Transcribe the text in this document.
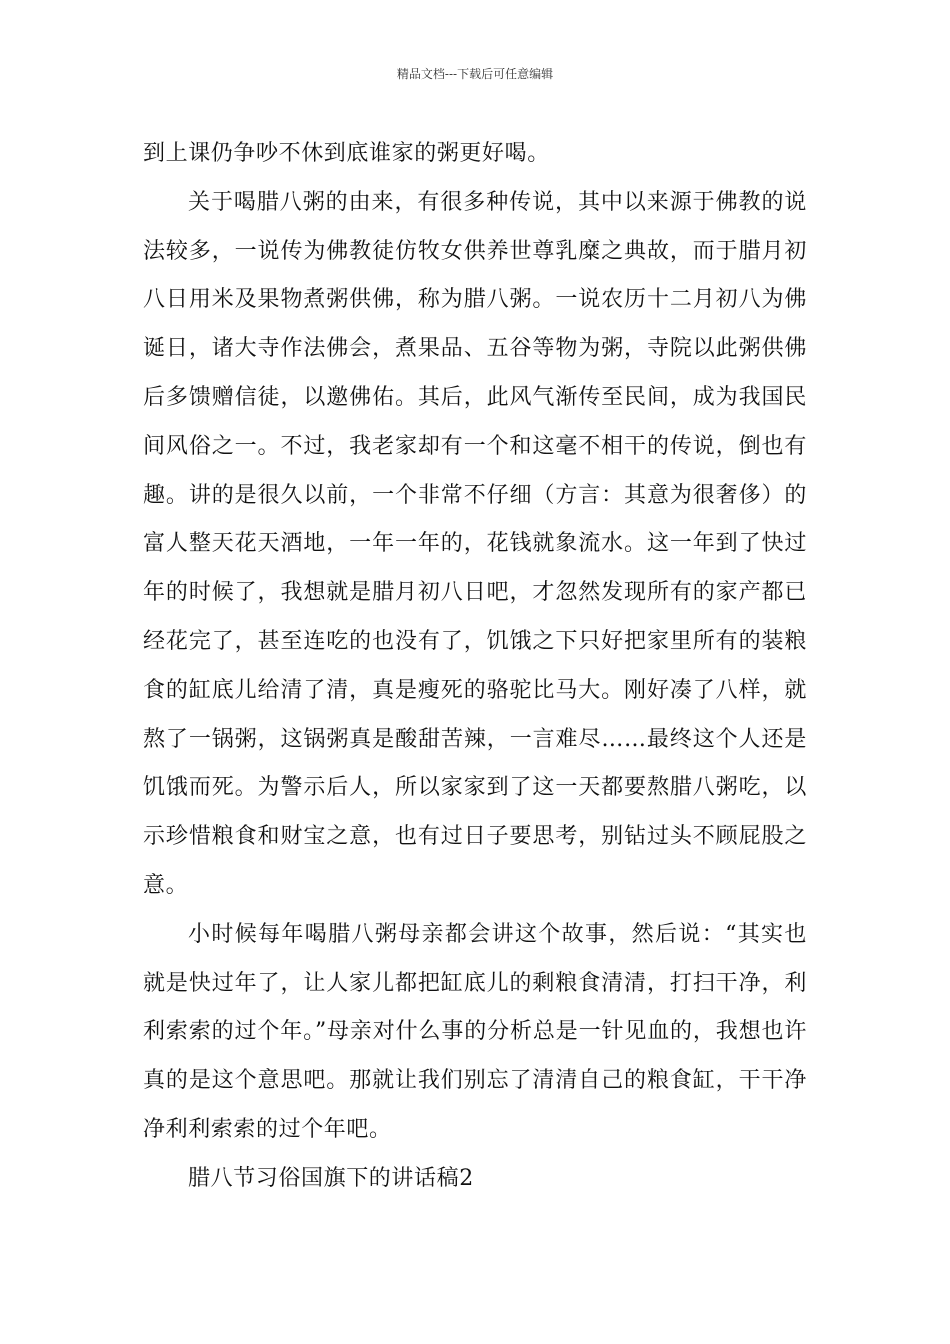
精品文档---下载后可任意编辑

到上课仍争吵不休到底谁家的粥更好喝。

关于喝腊八粥的由来，有很多种传说，其中以来源于佛教的说法较多，一说传为佛教徒仿牧女供养世尊乳糜之典故，而于腊月初八日用米及果物煮粥供佛，称为腊八粥。一说农历十二月初八为佛诞日，诸大寺作法佛会，煮果品、五谷等物为粥，寺院以此粥供佛后多馈赠信徒，以邀佛佑。其后，此风气渐传至民间，成为我国民间风俗之一。不过，我老家却有一个和这毫不相干的传说，倒也有趣。讲的是很久以前，一个非常不仔细（方言：其意为很奢侈）的富人整天花天酒地，一年一年的，花钱就象流水。这一年到了快过年的时候了，我想就是腊月初八日吧，才忽然发现所有的家产都已经花完了，甚至连吃的也没有了，饥饿之下只好把家里所有的装粮食的缸底儿给清了清，真是瘦死的骆驼比马大。刚好凑了八样，就熬了一锅粥，这锅粥真是酸甜苦辣，一言难尽……最终这个人还是饥饿而死。为警示后人，所以家家到了这一天都要熬腊八粥吃，以示珍惜粮食和财宝之意，也有过日子要思考，别钻过头不顾屁股之意。

小时候每年喝腊八粥母亲都会讲这个故事，然后说：“其实也就是快过年了，让人家儿都把缸底儿的剩粮食清清，打扫干净，利利索索的过个年。”母亲对什么事的分析总是一针见血的，我想也许真的是这个意思吧。那就让我们别忘了清清自己的粮食缸，干干净净利利索索的过个年吧。

腊八节习俗国旗下的讲话稿2
